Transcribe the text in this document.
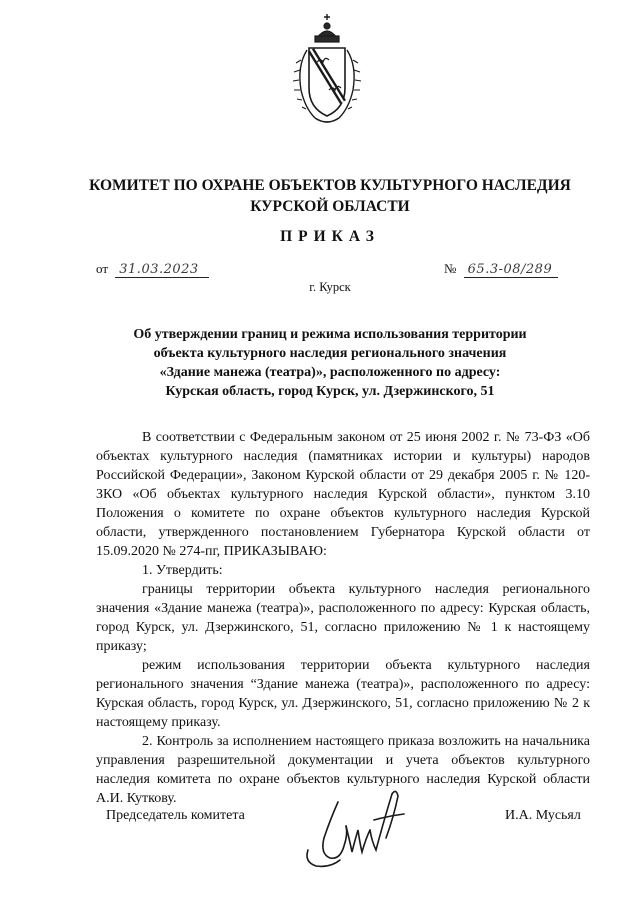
КОМИТЕТ ПО ОХРАНЕ ОБЪЕКТОВ КУЛЬТУРНОГО НАСЛЕДИЯ
КУРСКОЙ ОБЛАСТИ
ПРИКАЗ
от 31.03.2023	№ 65.3-08/289
г. Курск
Об утверждении границ и режима использования территории
объекта культурного наследия регионального значения
«Здание манежа (театра)», расположенного по адресу:
Курская область, город Курск, ул. Дзержинского, 51

В соответствии с Федеральным законом от 25 июня 2002 г. № 73-ФЗ «Об объектах культурного наследия (памятниках истории и культуры) народов Российской Федерации», Законом Курской области от 29 декабря 2005 г. № 120-ЗКО «Об объектах культурного наследия Курской области», пунктом 3.10 Положения о комитете по охране объектов культурного наследия Курской области, утвержденного постановлением Губернатора Курской области от 15.09.2020 № 274-пг, ПРИКАЗЫВАЮ:

1. Утвердить:

границы территории объекта культурного наследия регионального значения «Здание манежа (театра)», расположенного по адресу: Курская область, город Курск, ул. Дзержинского, 51, согласно приложению № 1 к настоящему приказу;

режим использования территории объекта культурного наследия регионального значения “Здание манежа (театра)», расположенного по адресу: Курская область, город Курск, ул. Дзержинского, 51, согласно приложению № 2 к настоящему приказу.

2. Контроль за исполнением настоящего приказа возложить на начальника управления разрешительной документации и учета объектов культурного наследия комитета по охране объектов культурного наследия Курской области А.И. Куткову.

Председатель комитета	И.А. Мусьял
